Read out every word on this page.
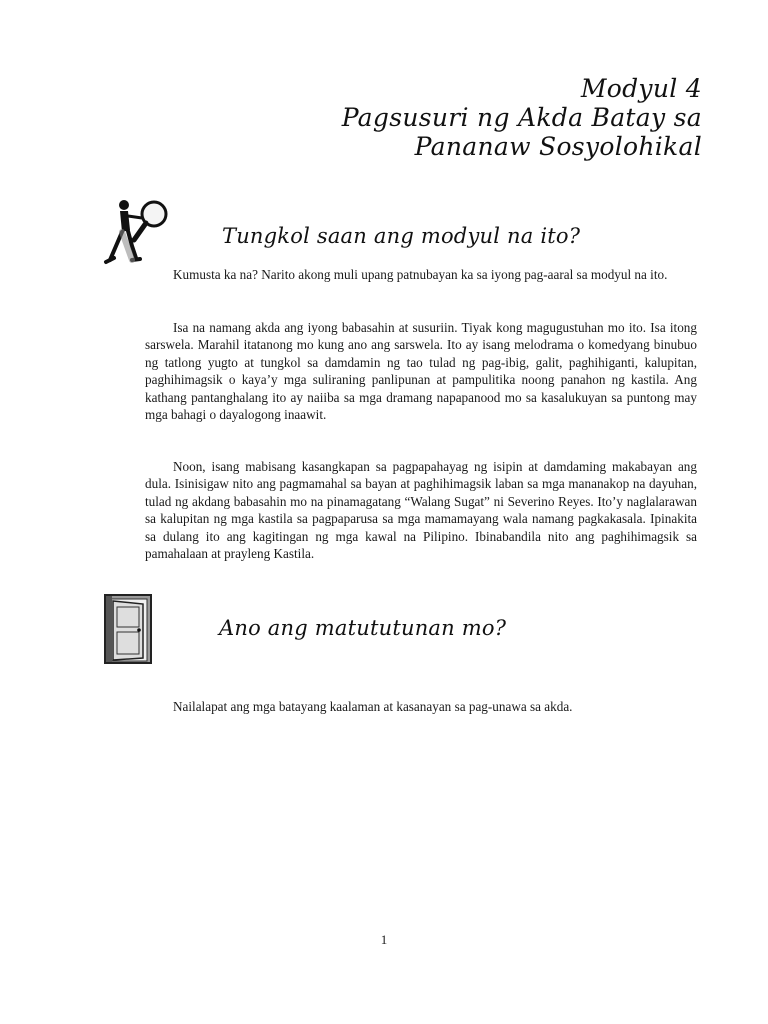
Modyul 4
Pagsusuri ng Akda Batay sa
Pananaw Sosyolohikal
Tungkol saan ang modyul na ito?

Kumusta ka na? Narito akong muli upang patnubayan ka sa iyong pag-aaral sa modyul na ito.

Isa na namang akda ang iyong babasahin at susuriin. Tiyak kong magugustuhan mo ito. Isa itong sarswela. Marahil itatanong mo kung ano ang sarswela. Ito ay isang melodrama o komedyang binubuo ng tatlong yugto at tungkol sa damdamin ng tao tulad ng pag-ibig, galit, paghihiganti, kalupitan, paghihimagsik o kaya’y mga suliraning panlipunan at pampulitika noong panahon ng kastila. Ang kathang pantanghalang ito ay naiiba sa mga dramang napapanood mo sa kasalukuyan sa puntong may mga bahagi o dayalogong inaawit.

Noon, isang mabisang kasangkapan sa pagpapahayag ng isipin at damdaming makabayan ang dula. Isinisigaw nito ang pagmamahal sa bayan at paghihimagsik laban sa mga mananakop na dayuhan, tulad ng akdang babasahin mo na pinamagatang “Walang Sugat” ni Severino Reyes. Ito’y naglalarawan sa kalupitan ng mga kastila sa pagpaparusa sa mga mamamayang wala namang pagkakasala. Ipinakita sa dulang ito ang kagitingan ng mga kawal na Pilipino. Ibinabandila nito ang paghihimagsik sa pamahalaan at prayleng Kastila.

Ano ang matututunan mo?

Nailalapat ang mga batayang kaalaman at kasanayan sa pag-unawa sa akda.

1
